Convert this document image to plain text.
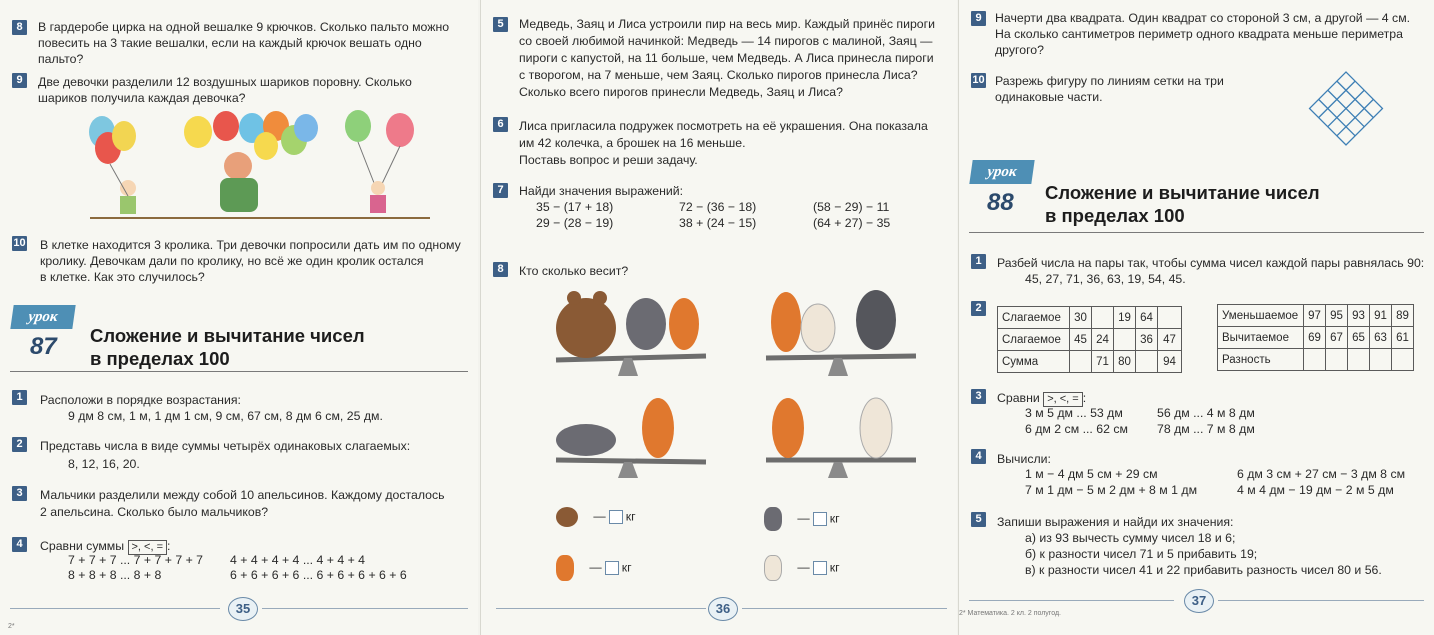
8	В гардеробе цирка на одной вешалке 9 крючков. Сколько пальто можно
повесить на 3 такие вешалки, если на каждый крючок вешать одно
пальто?
9	Две девочки разделили 12 воздушных шариков поровну. Сколько
шариков получила каждая девочка?
10 В клетке находится 3 кролика. Три девочки попросили дать им по одному
кролику. Девочкам дали по кролику, но всё же один кролик остался
в клетке. Как это случилось?
урок
87 Сложение и вычитание чисел
в пределах 100
1	Расположи в порядке возрастания:
9 дм 8 см, 1 м, 1 дм 1 см, 9 см, 67 см, 8 дм 6 см, 25 дм.
2	Представь числа в виде суммы четырёх одинаковых слагаемых:
8, 12, 16, 20.
3	Мальчики разделили между собой 10 апельсинов. Каждому досталось
2 апельсина. Сколько было мальчиков?
4	Сравни суммы >, <, = :
7 + 7 + 7 ... 7 + 7 + 7 + 7
8 + 8 + 8 ... 8 + 8
4 + 4 + 4 + 4 ... 4 + 4 + 4
6 + 6 + 6 + 6 ... 6 + 6 + 6 + 6 + 6
35
2*
5	Медведь, Заяц и Лиса устроили пир на весь мир. Каждый принёс пироги
со своей любимой начинкой: Медведь — 14 пирогов с малиной, Заяц —
пироги с капустой, на 11 больше, чем Медведь. А Лиса принесла пироги
с творогом, на 7 меньше, чем Заяц. Сколько пирогов принесла Лиса?
Сколько всего пирогов принесли Медведь, Заяц и Лиса?
6	Лиса пригласила подружек посмотреть на её украшения. Она показала
им 42 колечка, а брошек на 16 меньше.
Поставь вопрос и реши задачу.
7	Найди значения выражений:
35 − (17 + 18)
29 − (28 − 19)
72 − (36 − 18)
38 + (24 − 15)
(58 − 29) − 11
(64 + 27) − 35
8	Кто сколько весит?
— кг	— кг
— кг	— кг
36
9	Начерти два квадрата. Один квадрат со стороной 3 см, а другой — 4 см.
На сколько сантиметров периметр одного квадрата меньше периметра
другого?
10 Разрежь фигуру по линиям сетки на три
одинаковые части.
урок
88 Сложение и вычитание чисел
в пределах 100
1	Разбей числа на пары так, чтобы сумма чисел каждой пары равнялась 90:
45, 27, 71, 36, 63, 19, 54, 45.
2
Слагаемое	30		19	64	
Слагаемое	45	24		36	47
Сумма		71	80		94
Уменьшаемое	97	95	93	91	89
Вычитаемое	69	67	65	63	61
Разность					
3	Сравни >, <, = :
3 м 5 дм ... 53 дм
6 дм 2 см ... 62 см
56 дм ... 4 м 8 дм
78 дм ... 7 м 8 дм
4	Вычисли:
1 м − 4 дм 5 см + 29 см
7 м 1 дм − 5 м 2 дм + 8 м 1 дм
6 дм 3 см + 27 см − 3 дм 8 см
4 м 4 дм − 19 дм − 2 м 5 дм
5	Запиши выражения и найди их значения:
а) из 93 вычесть сумму чисел 18 и 6;
б) к разности чисел 71 и 5 прибавить 19;
в) к разности чисел 41 и 22 прибавить разность чисел 80 и 56.
37
2* Математика. 2 кл. 2 полугод.
